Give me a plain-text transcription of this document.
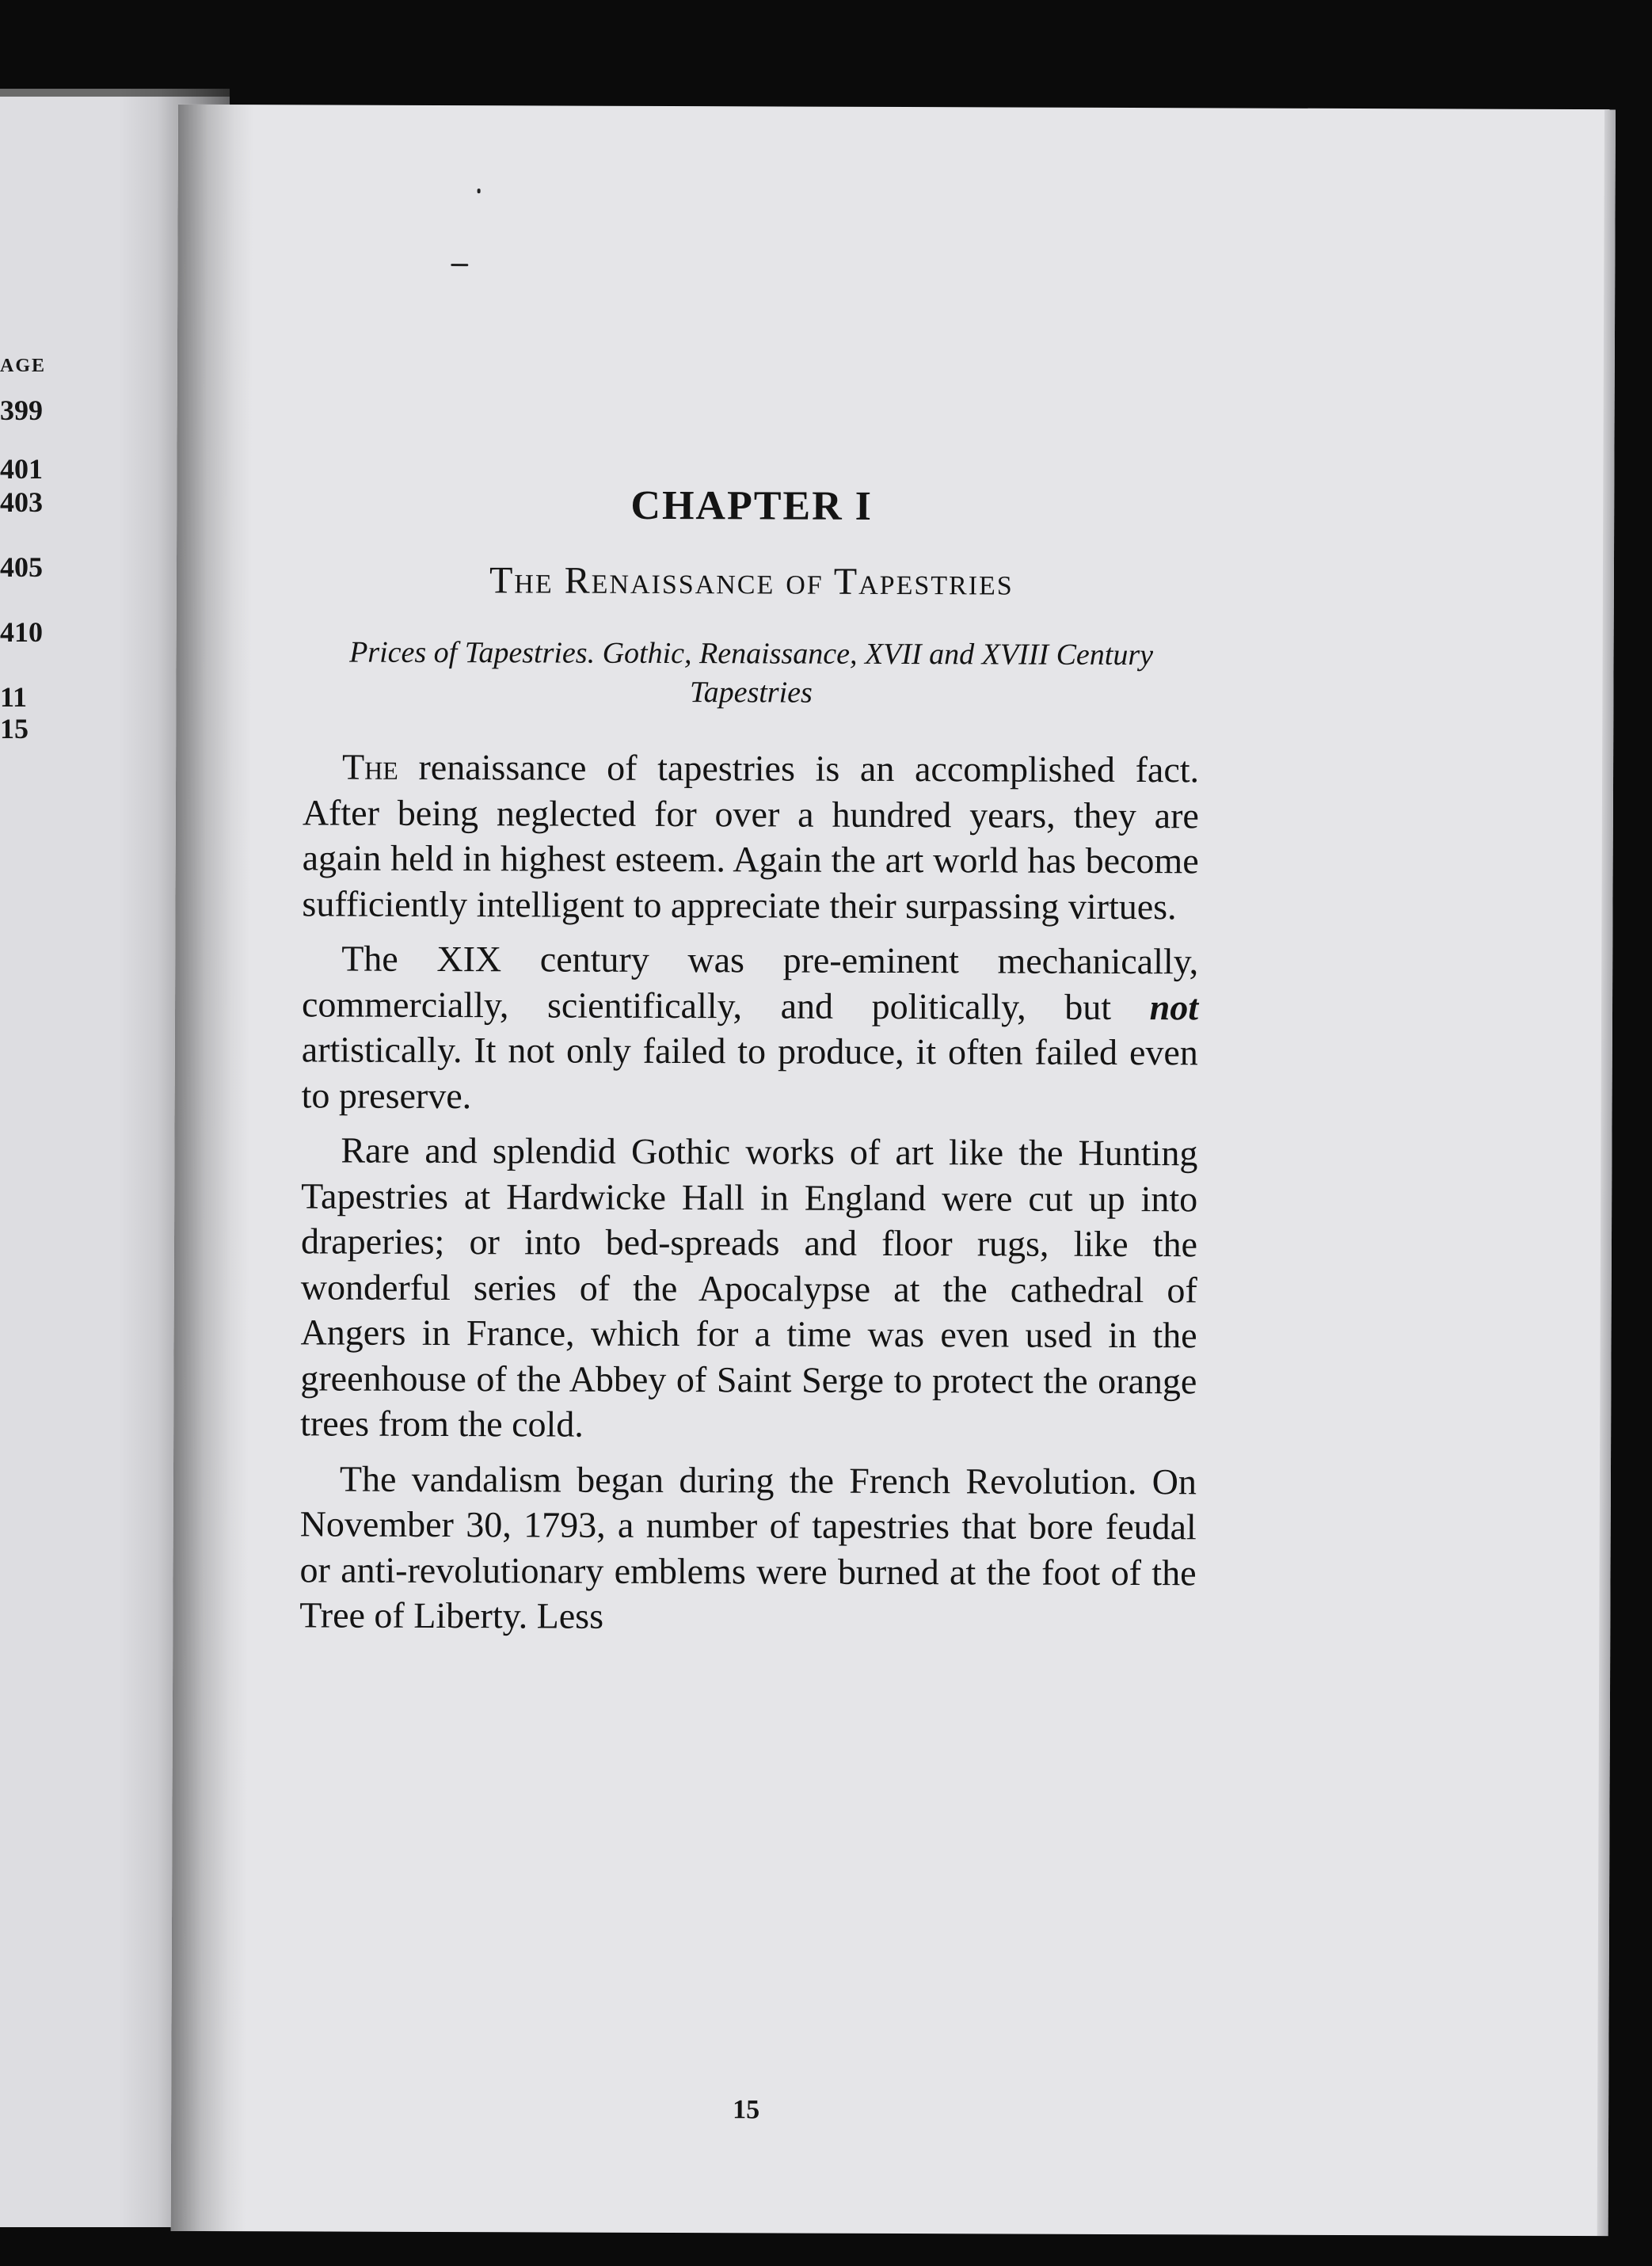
AGE
399
401
403
405
410
11
15
CHAPTER I
The Renaissance of Tapestries
Prices of Tapestries. Gothic, Renaissance, XVII and XVIII Century Tapestries

The renaissance of tapestries is an accomplished fact. After being neglected for over a hundred years, they are again held in highest esteem. Again the art world has become sufficiently intelligent to appreciate their surpassing virtues.

The XIX century was pre-eminent mechanically, commercially, scientifically, and politically, but not artistically. It not only failed to produce, it often failed even to preserve.

Rare and splendid Gothic works of art like the Hunting Tapestries at Hardwicke Hall in England were cut up into draperies; or into bed-spreads and floor rugs, like the wonderful series of the Apocalypse at the cathedral of Angers in France, which for a time was even used in the greenhouse of the Abbey of Saint Serge to protect the orange trees from the cold.

The vandalism began during the French Revolution. On November 30, 1793, a number of tapestries that bore feudal or anti-revolutionary emblems were burned at the foot of the Tree of Liberty. Less

15
